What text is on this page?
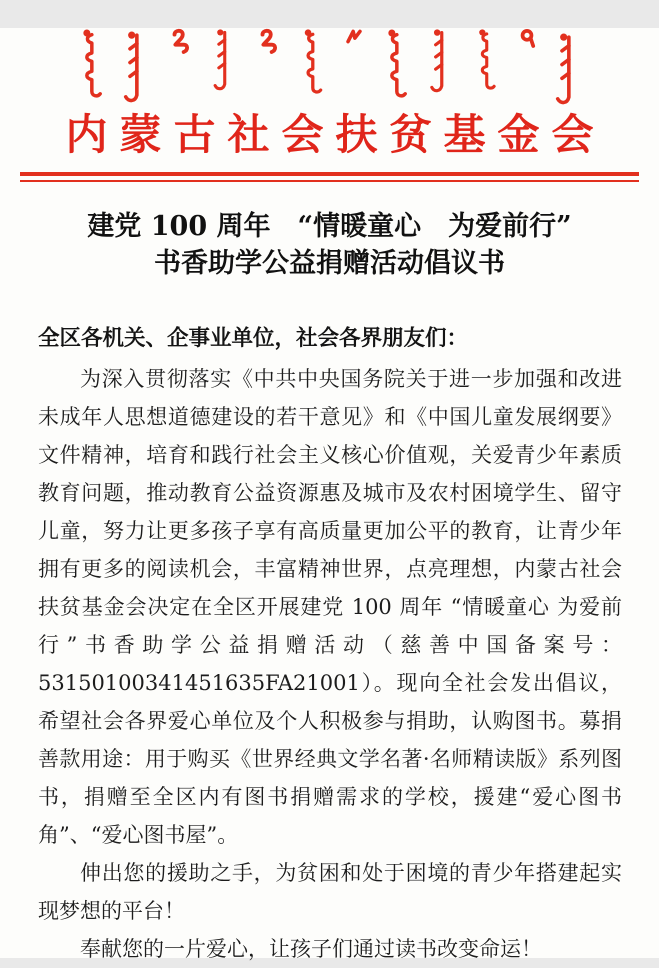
内蒙古社会扶贫基金会
建党 100 周年　“情暖童心　为爱前行”
书香助学公益捐赠活动倡议书

全区各机关、企事业单位，社会各界朋友们：

为深入贯彻落实《中共中央国务院关于进一步加强和改进未成年人思想道德建设的若干意见》和《中国儿童发展纲要》文件精神，培育和践行社会主义核心价值观，关爱青少年素质教育问题，推动教育公益资源惠及城市及农村困境学生、留守儿童，努力让更多孩子享有高质量更加公平的教育，让青少年拥有更多的阅读机会，丰富精神世界，点亮理想，内蒙古社会扶贫基金会决定在全区开展建党 100 周年 “情暖童心 为爱前行”书香助学公益捐赠活动（慈善中国备案号：53150100341451635FA21001）。现向全社会发出倡议，希望社会各界爱心单位及个人积极参与捐助，认购图书。募捐善款用途：用于购买《世界经典文学名著·名师精读版》系列图书，捐赠至全区内有图书捐赠需求的学校，援建“爱心图书角”、“爱心图书屋”。

伸出您的援助之手，为贫困和处于困境的青少年搭建起实现梦想的平台！

奉献您的一片爱心，让孩子们通过读书改变命运！
